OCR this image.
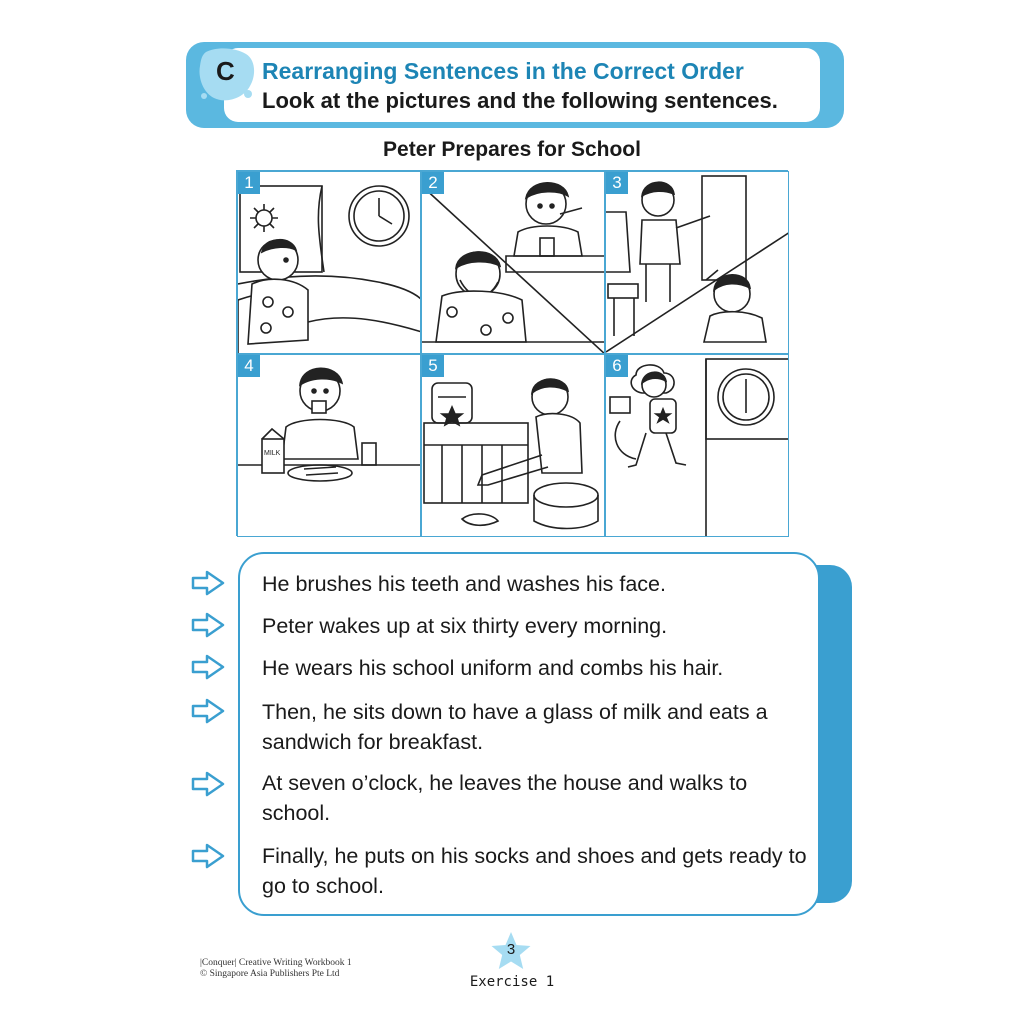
C Rearranging Sentences in the Correct Order
Look at the pictures and the following sentences.
Peter Prepares for School
1	2	3
4
MILK
5	6
He brushes his teeth and washes his face.
Peter wakes up at six thirty every morning.
He wears his school uniform and combs his hair.
Then, he sits down to have a glass of milk and eats a sandwich for breakfast.
At seven o’clock, he leaves the house and walks to school.
Finally, he puts on his socks and shoes and gets ready to go to school.
|Conquer| Creative Writing Workbook 1
© Singapore Asia Publishers Pte Ltd
3
Exercise 1
